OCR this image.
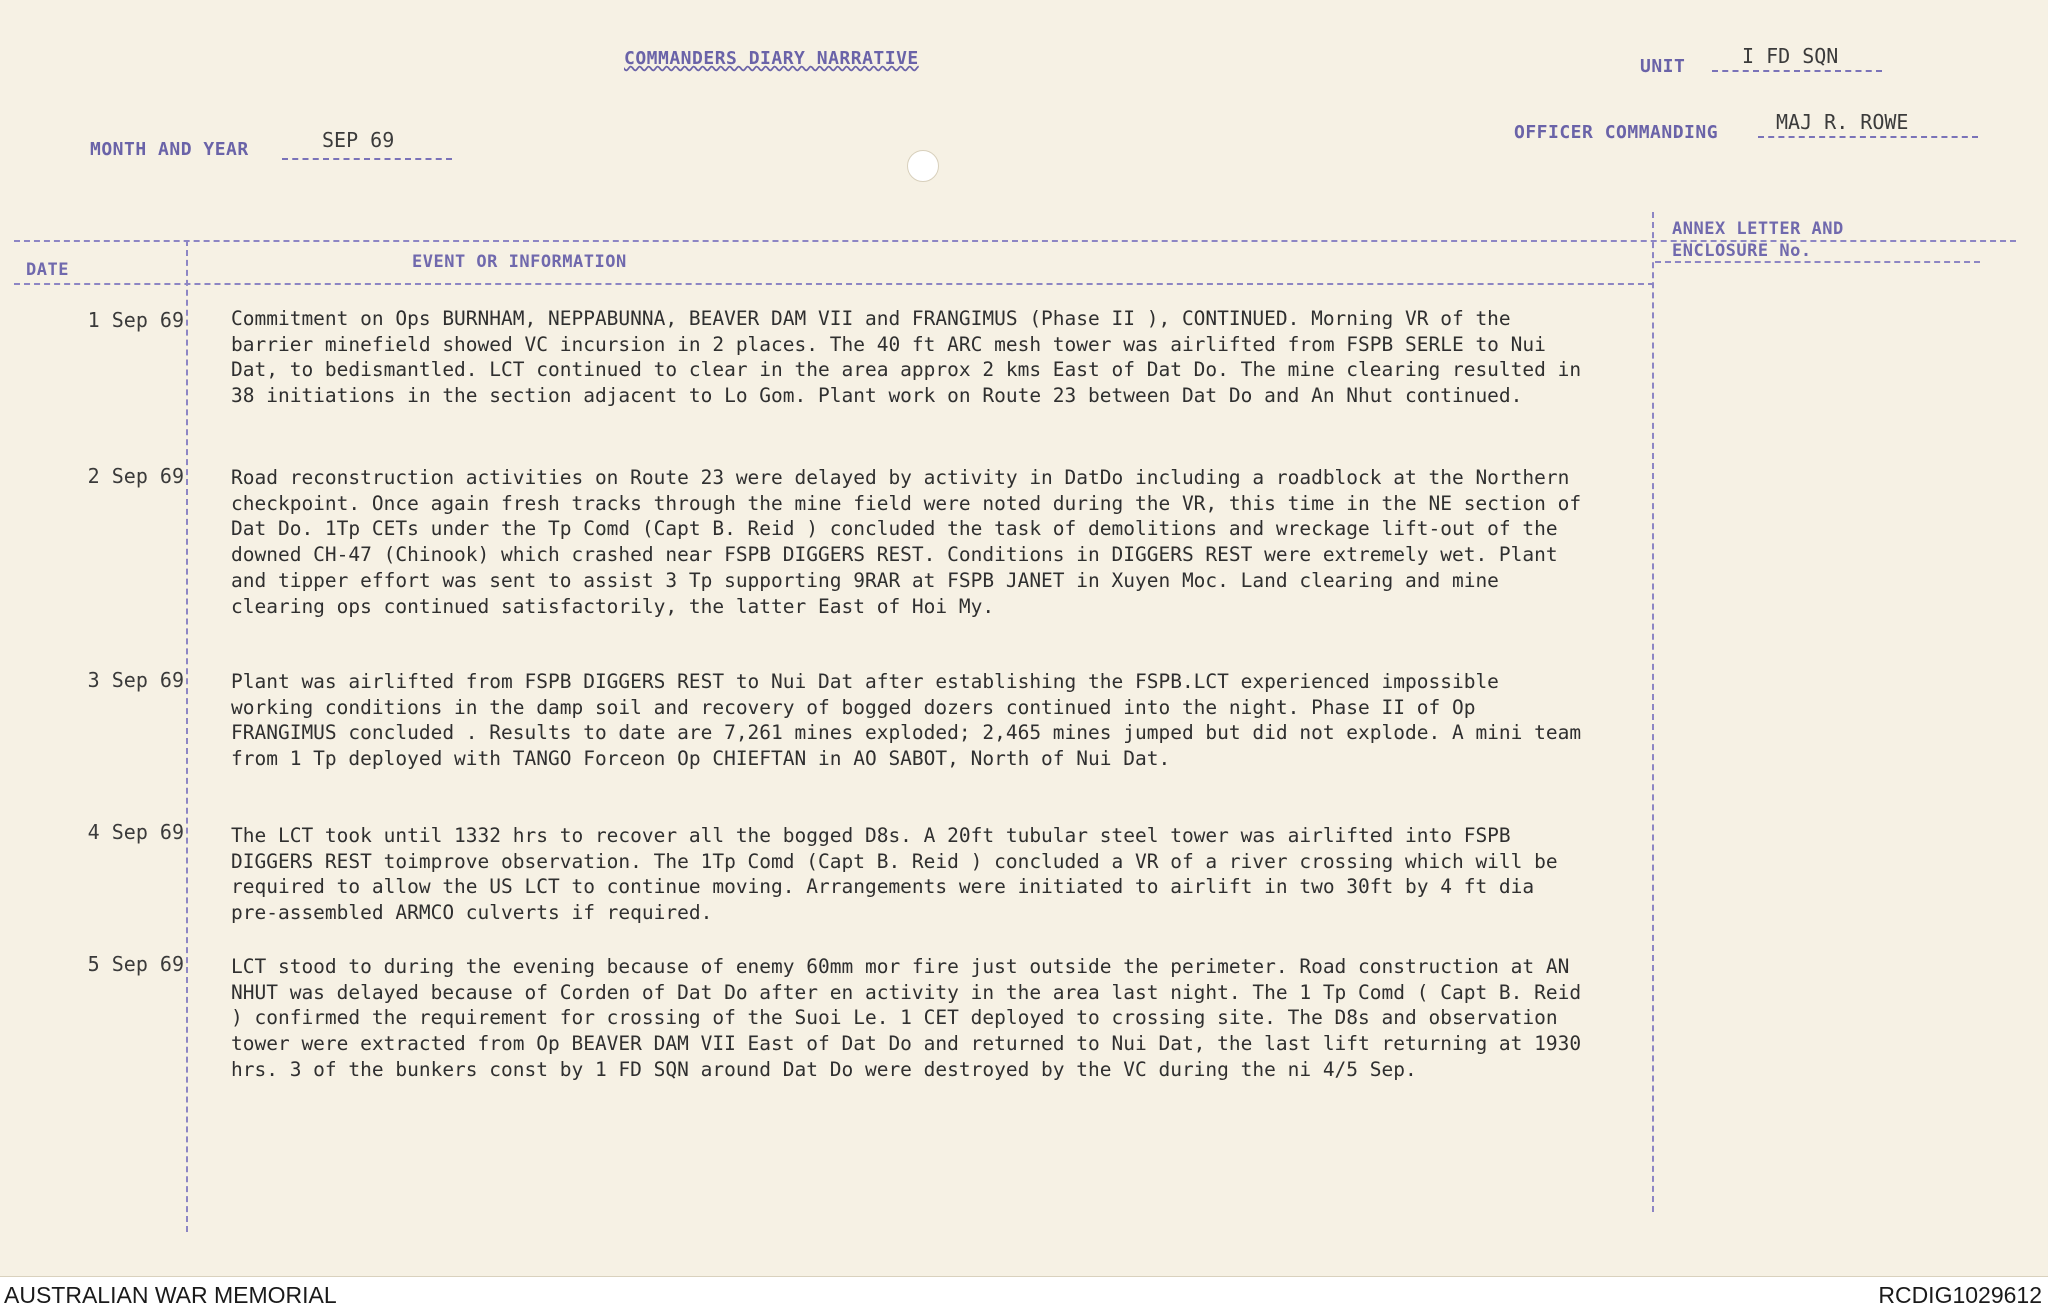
COMMANDERS DIARY NARRATIVE	UNIT	I FD SQN
MONTH AND YEAR	SEP 69	OFFICER COMMANDING	MAJ R. ROWE
DATE	EVENT OR INFORMATION
ANNEX LETTER AND ENCLOSURE No.
1 Sep 69 Commitment on Ops BURNHAM, NEPPABUNNA, BEAVER DAM VII and FRANGIMUS (Phase II ), CONTINUED. Morning VR of the barrier minefield showed VC incursion in 2 places. The 40 ft ARC mesh tower was airlifted from FSPB SERLE to Nui Dat, to bedismantled. LCT continued to clear in the area approx 2 kms East of Dat Do. The mine clearing resulted in 38 initiations in the section adjacent to Lo Gom. Plant work on Route 23 between Dat Do and An Nhut continued.
2 Sep 69 Road reconstruction activities on Route 23 were delayed by activity in DatDo including a roadblock at the Northern checkpoint. Once again fresh tracks through the mine field were noted during the VR, this time in the NE section of Dat Do. 1Tp CETs under the Tp Comd (Capt B. Reid ) concluded the task of demolitions and wreckage lift-out of the downed CH-47 (Chinook) which crashed near FSPB DIGGERS REST. Conditions in DIGGERS REST were extremely wet. Plant and tipper effort was sent to assist 3 Tp supporting 9RAR at FSPB JANET in Xuyen Moc. Land clearing and mine clearing ops continued satisfactorily, the latter East of Hoi My.
3 Sep 69 Plant was airlifted from FSPB DIGGERS REST to Nui Dat after establishing the FSPB.LCT experienced impossible working conditions in the damp soil and recovery of bogged dozers continued into the night. Phase II of Op FRANGIMUS concluded . Results to date are 7,261 mines exploded; 2,465 mines jumped but did not explode. A mini team from 1 Tp deployed with TANGO Forceon Op CHIEFTAN in AO SABOT, North of Nui Dat.
4 Sep 69 The LCT took until 1332 hrs to recover all the bogged D8s. A 20ft tubular steel tower was airlifted into FSPB DIGGERS REST toimprove observation. The 1Tp Comd (Capt B. Reid ) concluded a VR of a river crossing which will be required to allow the US LCT to continue moving. Arrangements were initiated to airlift in two 30ft by 4 ft dia pre-assembled ARMCO culverts if required.
5 Sep 69 LCT stood to during the evening because of enemy 60mm mor fire just outside the perimeter. Road construction at AN NHUT was delayed because of Corden of Dat Do after en activity in the area last night. The 1 Tp Comd ( Capt B. Reid ) confirmed the requirement for crossing of the Suoi Le. 1 CET deployed to crossing site. The D8s and observation tower were extracted from Op BEAVER DAM VII East of Dat Do and returned to Nui Dat, the last lift returning at 1930 hrs. 3 of the bunkers const by 1 FD SQN around Dat Do were destroyed by the VC during the ni 4/5 Sep.
AUSTRALIAN WAR MEMORIAL	RCDIG1029612
